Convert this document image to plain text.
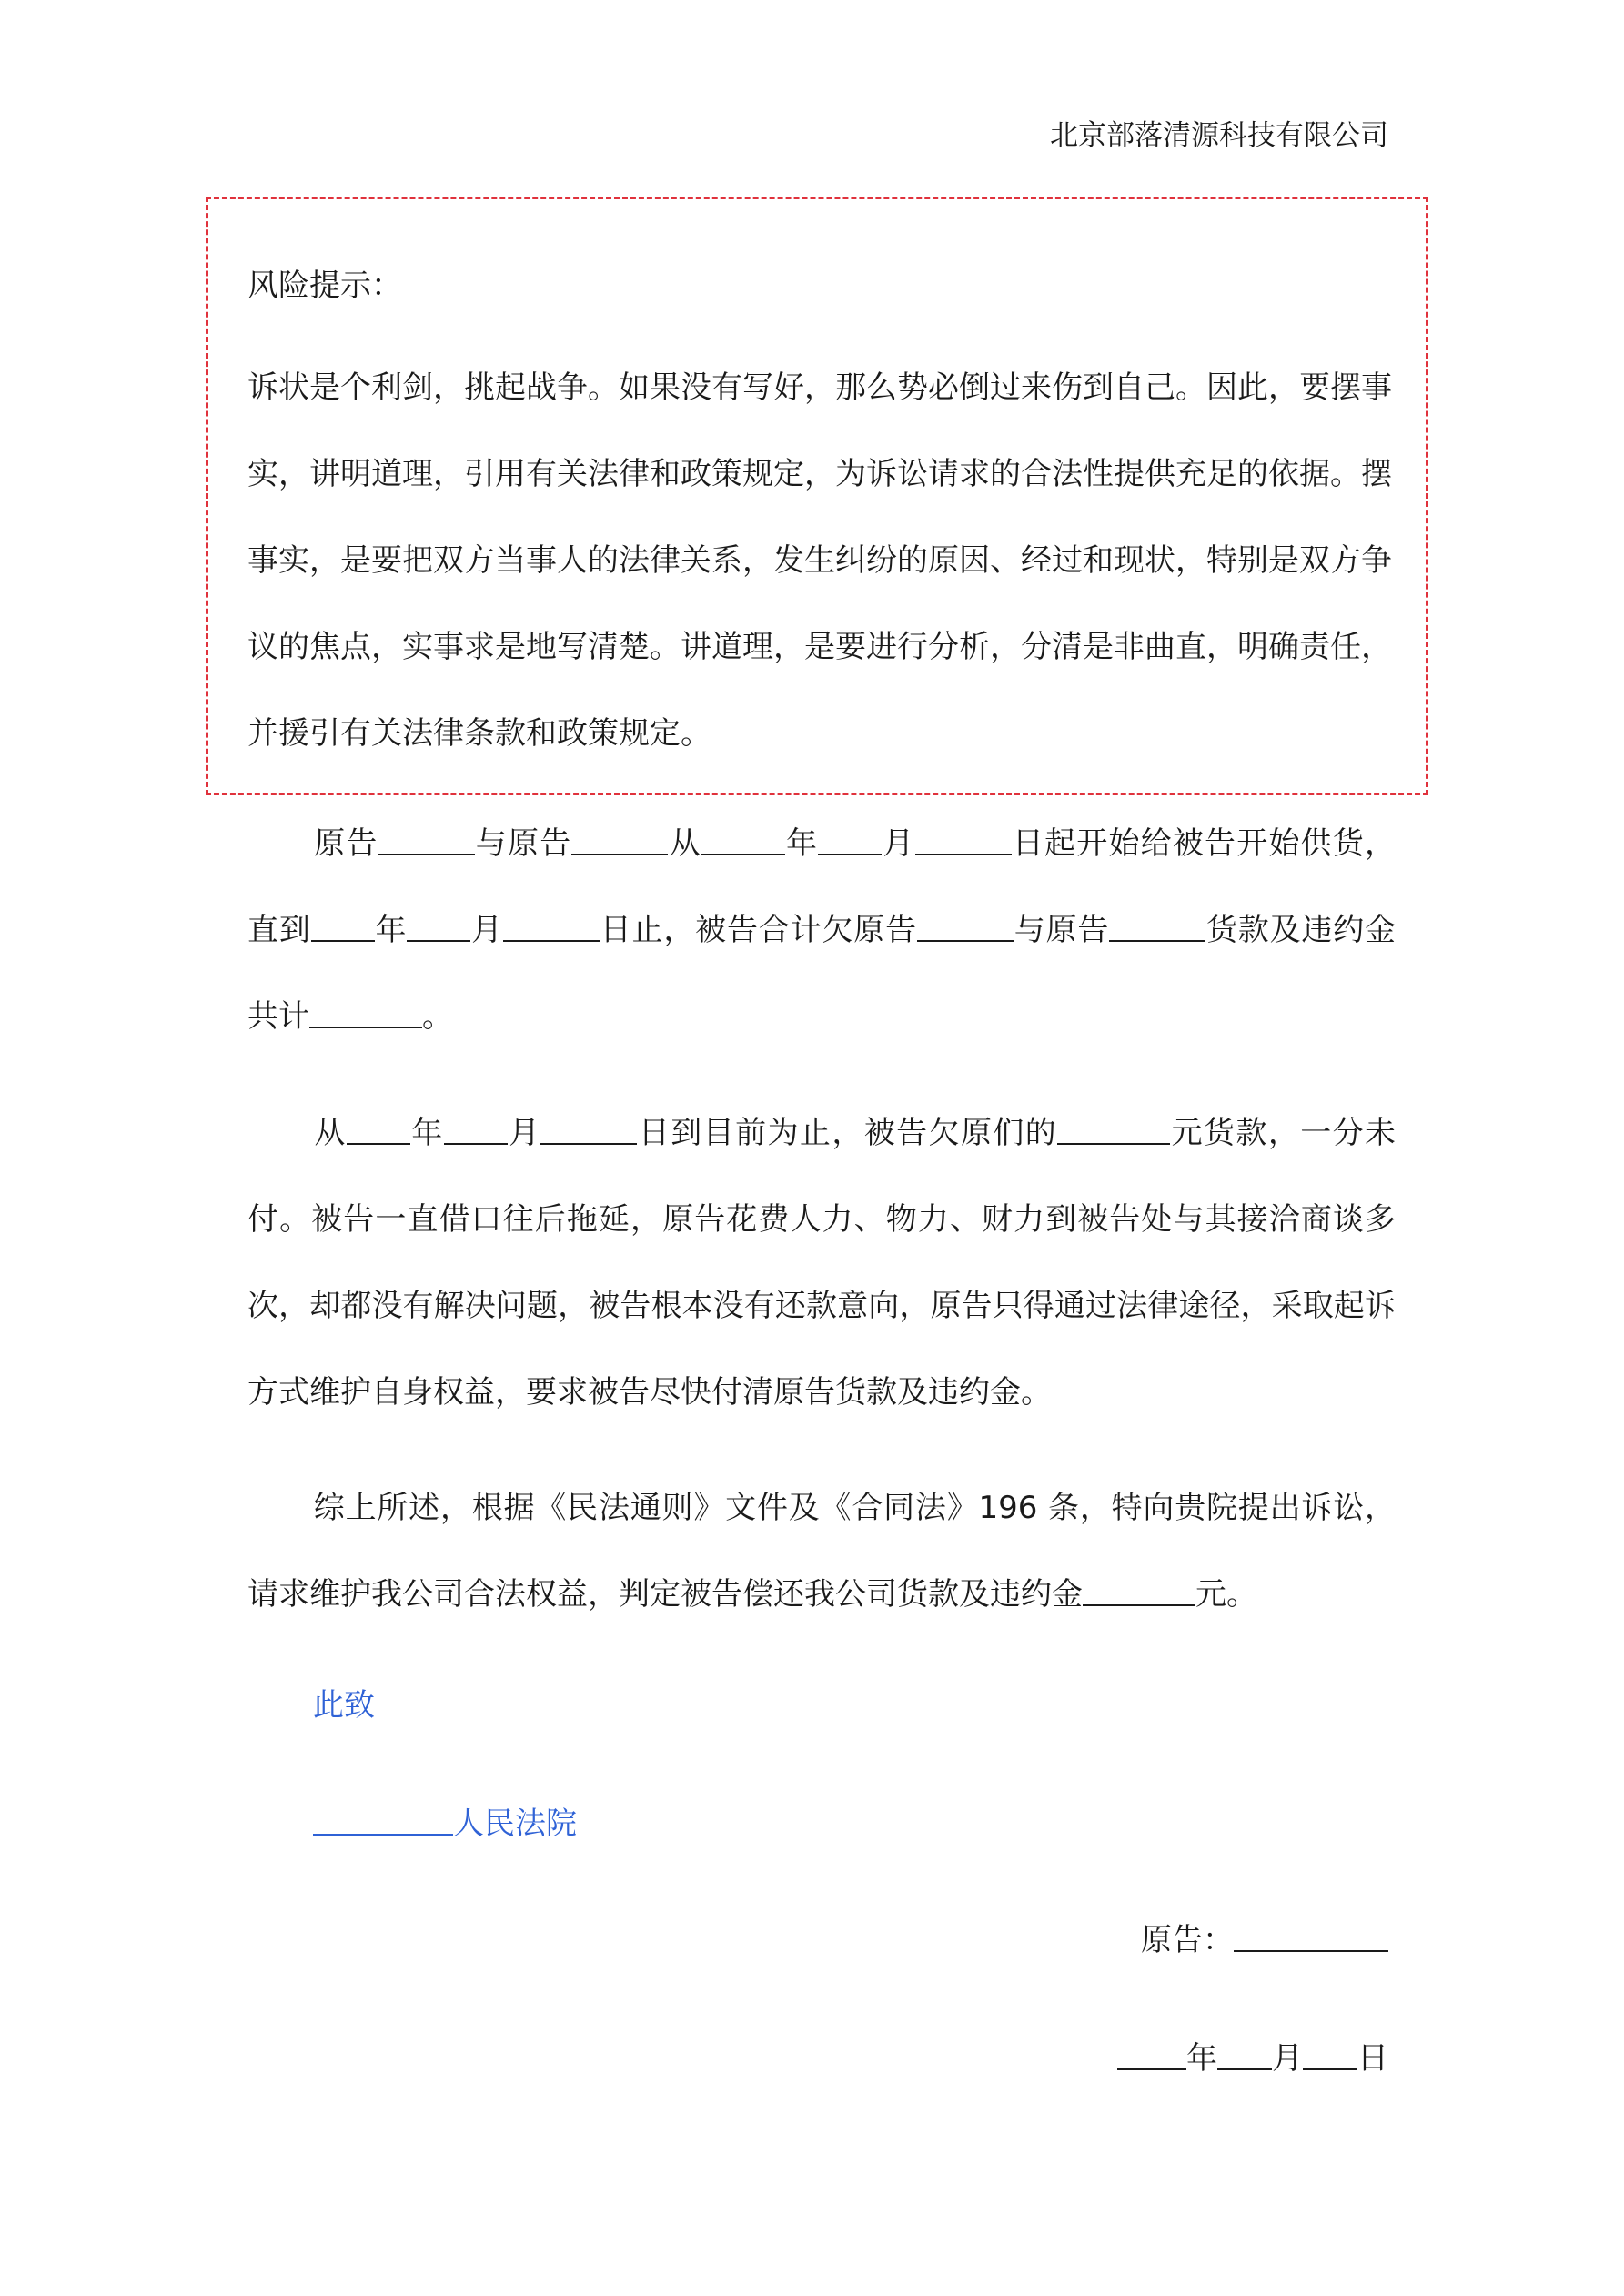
北京部落清源科技有限公司
风险提示：
诉状是个利剑，挑起战争。如果没有写好，那么势必倒过来伤到自己。因此，要摆事实，讲明道理，引用有关法律和政策规定，为诉讼请求的合法性提供充足的依据。摆事实，是要把双方当事人的法律关系，发生纠纷的原因、经过和现状，特别是双方争议的焦点，实事求是地写清楚。讲道理，是要进行分析，分清是非曲直，明确责任，并援引有关法律条款和政策规定。
原告	与原告	从	年 月	日起开始给被告开始供货，直到 年 月	日止，被告合计欠原告	与原告	货款及违约金共计	。
从 年 月	日到目前为止，被告欠原们的	元货款，一分未付。被告一直借口往后拖延，原告花费人力、物力、财力到被告处与其接洽商谈多次，却都没有解决问题，被告根本没有还款意向，原告只得通过法律途径，采取起诉方式维护自身权益，要求被告尽快付清原告货款及违约金。
综上所述，根据《民法通则》文件及《合同法》196 条，特向贵院提出诉讼，请求维护我公司合法权益，判定被告偿还我公司货款及违约金	元。
此致
人民法院
原告：
年 月 日
